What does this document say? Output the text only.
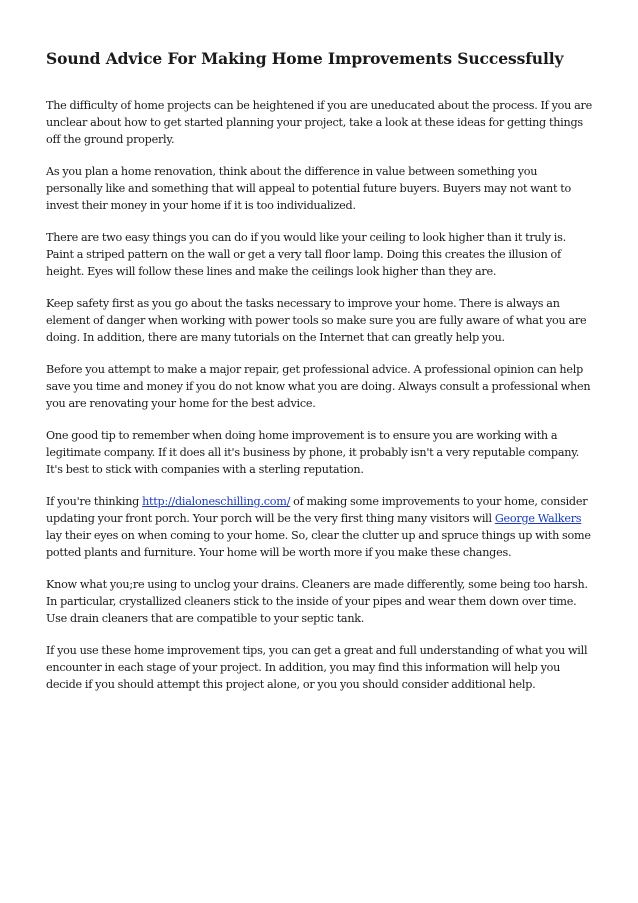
Sound Advice For Making Home Improvements Successfully

The difficulty of home projects can be heightened if you are uneducated about the process. If you are unclear about how to get started planning your project, take a look at these ideas for getting things off the ground properly.

As you plan a home renovation, think about the difference in value between something you personally like and something that will appeal to potential future buyers. Buyers may not want to invest their money in your home if it is too individualized.

There are two easy things you can do if you would like your ceiling to look higher than it truly is. Paint a striped pattern on the wall or get a very tall floor lamp. Doing this creates the illusion of height. Eyes will follow these lines and make the ceilings look higher than they are.

Keep safety first as you go about the tasks necessary to improve your home. There is always an element of danger when working with power tools so make sure you are fully aware of what you are doing. In addition, there are many tutorials on the Internet that can greatly help you.

Before you attempt to make a major repair, get professional advice. A professional opinion can help save you time and money if you do not know what you are doing. Always consult a professional when you are renovating your home for the best advice.

One good tip to remember when doing home improvement is to ensure you are working with a legitimate company. If it does all it's business by phone, it probably isn't a very reputable company. It's best to stick with companies with a sterling reputation.

If you're thinking http://dialoneschilling.com/ of making some improvements to your home, consider updating your front porch. Your porch will be the very first thing many visitors will George Walkers lay their eyes on when coming to your home. So, clear the clutter up and spruce things up with some potted plants and furniture. Your home will be worth more if you make these changes.

Know what you;re using to unclog your drains. Cleaners are made differently, some being too harsh. In particular, crystallized cleaners stick to the inside of your pipes and wear them down over time. Use drain cleaners that are compatible to your septic tank.

If you use these home improvement tips, you can get a great and full understanding of what you will encounter in each stage of your project. In addition, you may find this information will help you decide if you should attempt this project alone, or you you should consider additional help.
